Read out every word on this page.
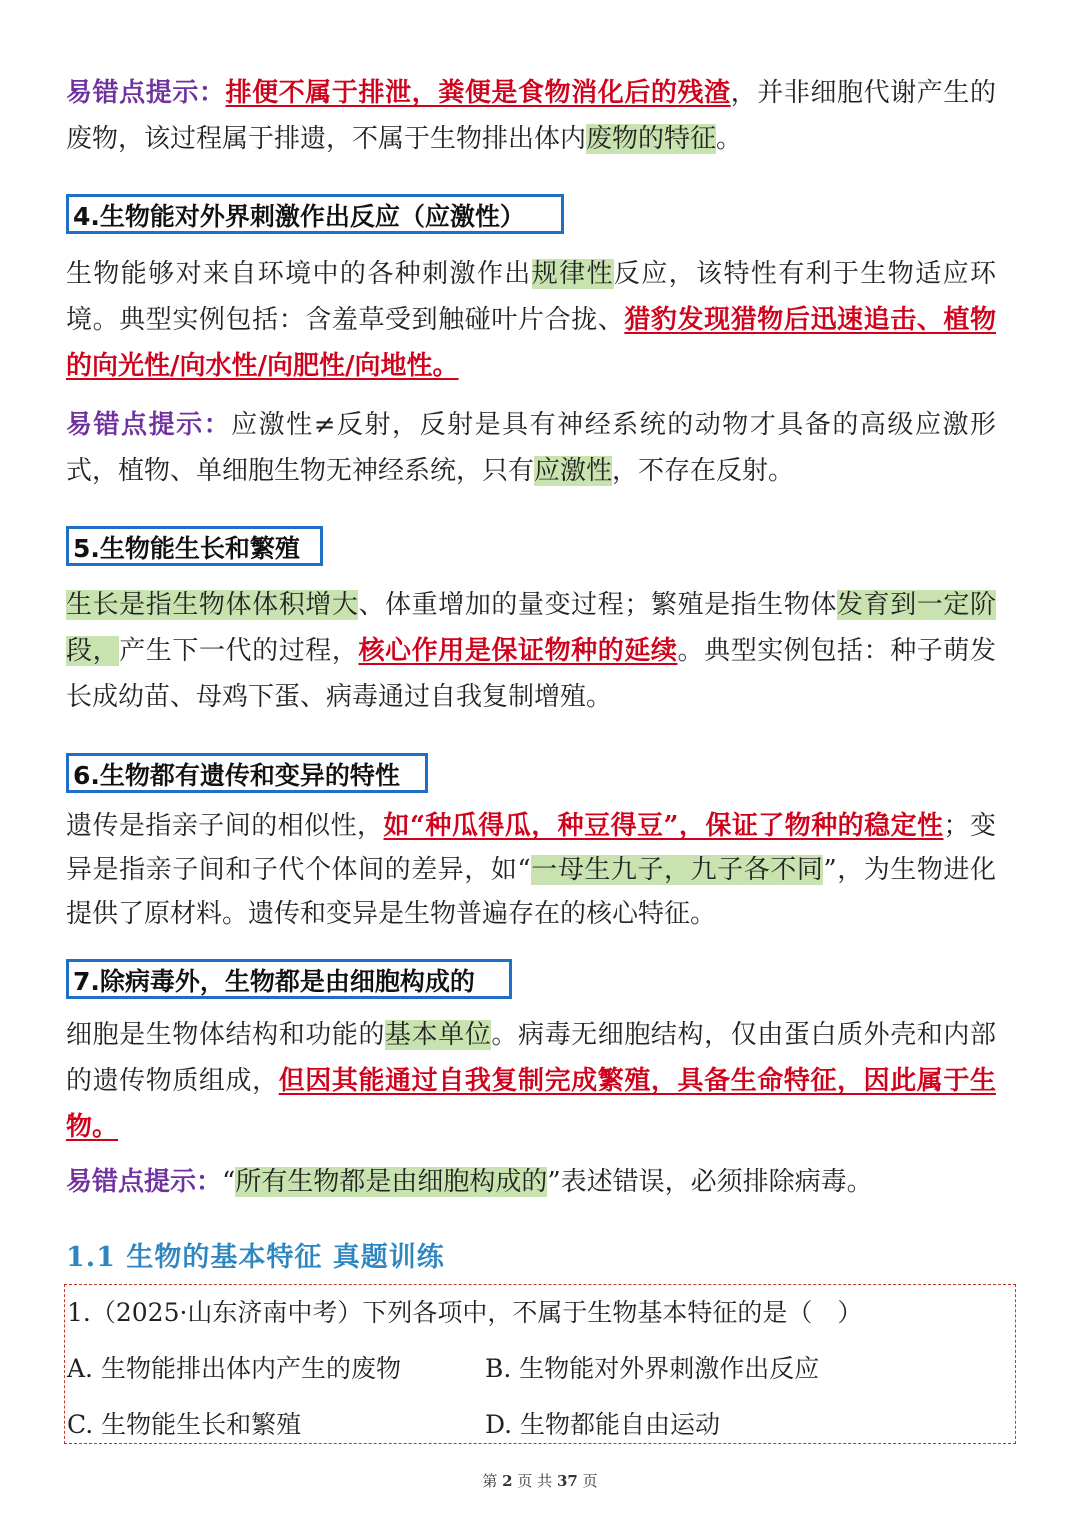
易错点提示：排便不属于排泄，粪便是食物消化后的残渣，并非细胞代谢产生的废物，该过程属于排遗，不属于生物排出体内废物的特征。

4.生物能对外界刺激作出反应（应激性）

生物能够对来自环境中的各种刺激作出规律性反应，该特性有利于生物适应环境。典型实例包括：含羞草受到触碰叶片合拢、猎豹发现猎物后迅速追击、植物的向光性/向水性/向肥性/向地性。

易错点提示：应激性≠反射，反射是具有神经系统的动物才具备的高级应激形式，植物、单细胞生物无神经系统，只有应激性，不存在反射。

5.生物能生长和繁殖

生长是指生物体体积增大、体重增加的量变过程；繁殖是指生物体发育到一定阶段，产生下一代的过程，核心作用是保证物种的延续。典型实例包括：种子萌发长成幼苗、母鸡下蛋、病毒通过自我复制增殖。

6.生物都有遗传和变异的特性

遗传是指亲子间的相似性，如“种瓜得瓜，种豆得豆”，保证了物种的稳定性；变异是指亲子间和子代个体间的差异，如“一母生九子，九子各不同”，为生物进化提供了原材料。遗传和变异是生物普遍存在的核心特征。

7.除病毒外，生物都是由细胞构成的

细胞是生物体结构和功能的基本单位。病毒无细胞结构，仅由蛋白质外壳和内部的遗传物质组成，但因其能通过自我复制完成繁殖，具备生命特征，因此属于生物。

易错点提示：“所有生物都是由细胞构成的”表述错误，必须排除病毒。

1.1 生物的基本特征 真题训练
1.（2025·山东济南中考）下列各项中，不属于生物基本特征的是（　）
A. 生物能排出体内产生的废物	B. 生物能对外界刺激作出反应
C. 生物能生长和繁殖	D. 生物都能自由运动
第 2 页 共 37 页
